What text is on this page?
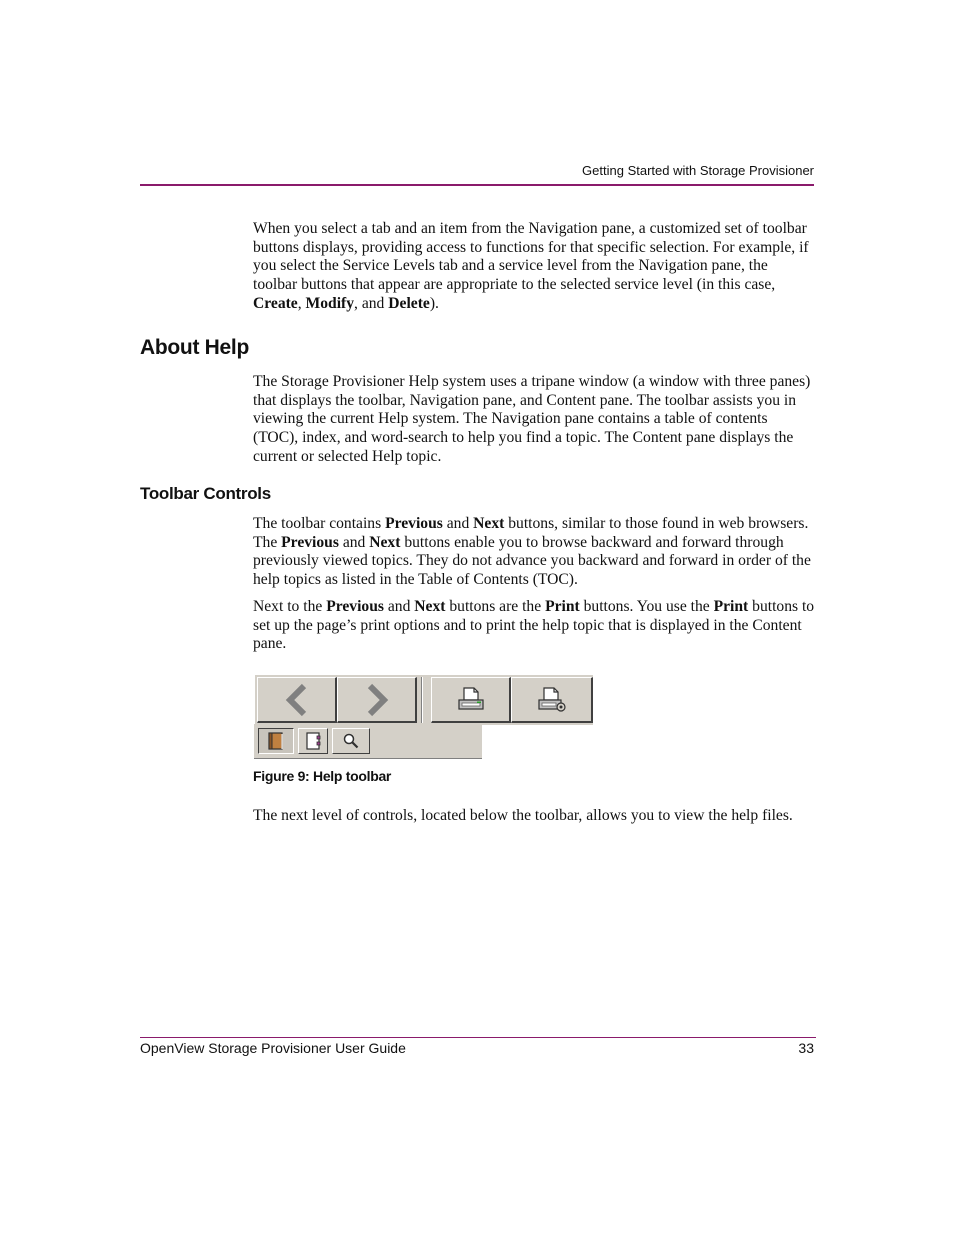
Getting Started with Storage Provisioner

When you select a tab and an item from the Navigation pane, a customized set of toolbar buttons displays, providing access to functions for that specific selection. For example, if you select the Service Levels tab and a service level from the Navigation pane, the toolbar buttons that appear are appropriate to the selected service level (in this case, Create, Modify, and Delete).

About Help

The Storage Provisioner Help system uses a tripane window (a window with three panes) that displays the toolbar, Navigation pane, and Content pane. The toolbar assists you in viewing the current Help system. The Navigation pane contains a table of contents (TOC), index, and word-search to help you find a topic. The Content pane displays the current or selected Help topic.

Toolbar Controls

The toolbar contains Previous and Next buttons, similar to those found in web browsers. The Previous and Next buttons enable you to browse backward and forward through previously viewed topics. They do not advance you backward and forward in order of the help topics as listed in the Table of Contents (TOC).

Next to the Previous and Next buttons are the Print buttons. You use the Print buttons to set up the page’s print options and to print the help topic that is displayed in the Content pane.

Figure 9: Help toolbar

The next level of controls, located below the toolbar, allows you to view the help files.

OpenView Storage Provisioner User Guide	33
